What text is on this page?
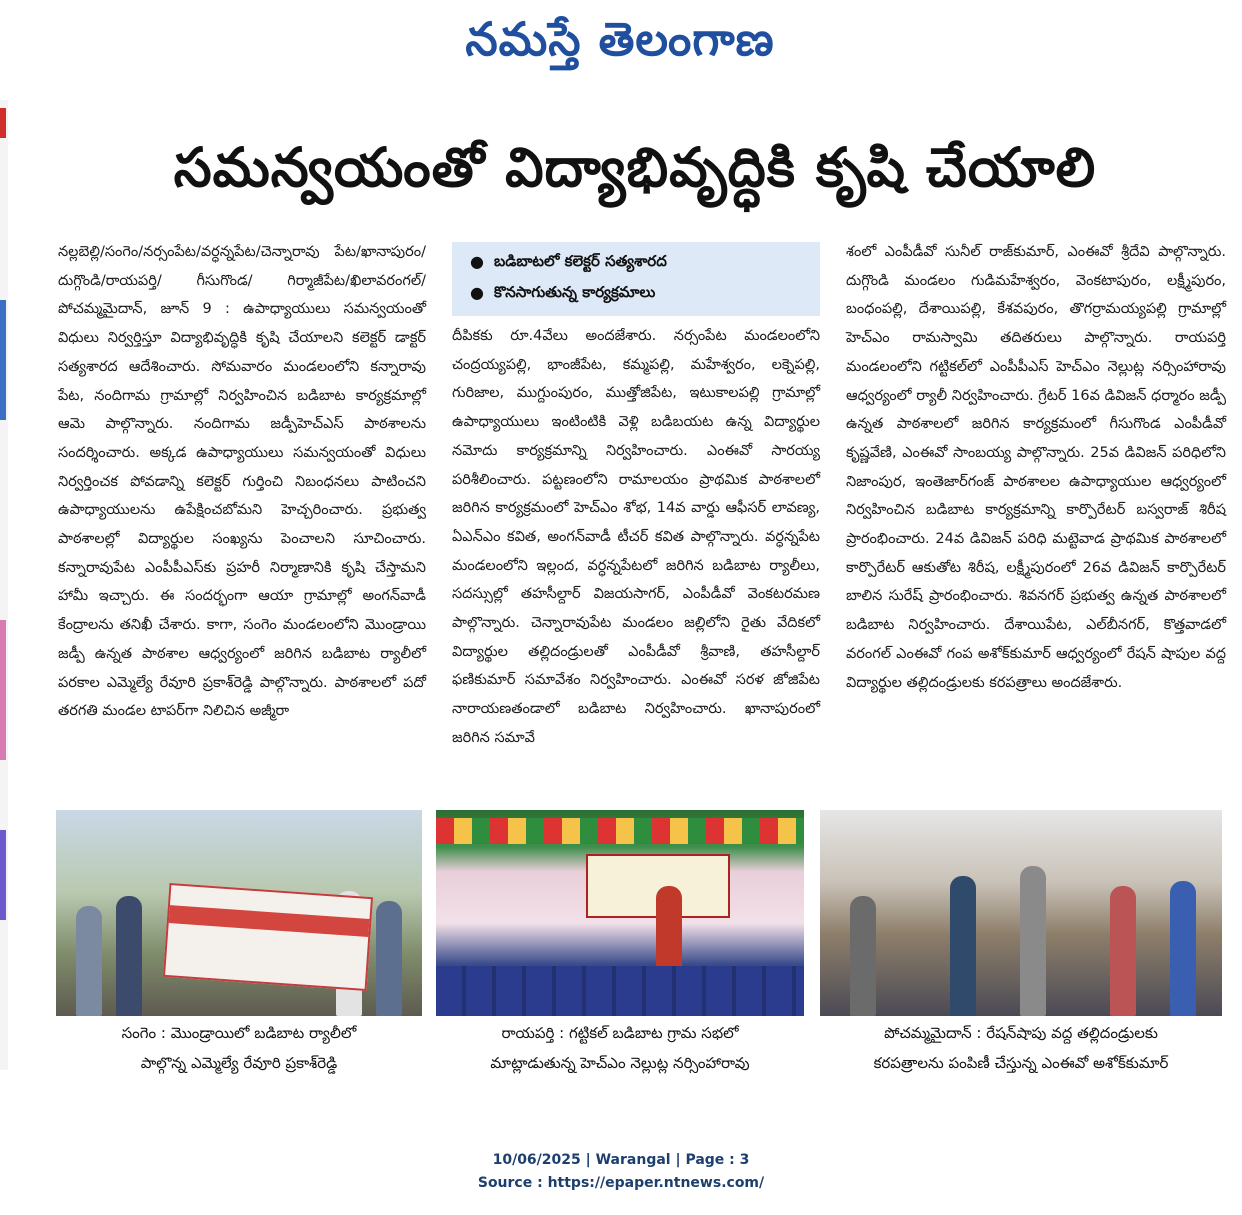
నమస్తే తెలంగాణ
సమన్వయంతో విద్యాభివృద్ధికి కృషి చేయాలి
నల్లబెల్లి/సంగెం/నర్సంపేట/వర్ధన్నపేట/చెన్నారావు పేట/ఖానాపురం/దుగ్గొండి/రాయపర్తి/ గీసుగొండ/ గిర్మాజీపేట/ఖిలావరంగల్/పోచమ్మమైదాన్, జూన్ 9 : ఉపాధ్యాయులు సమన్వయంతో విధులు నిర్వర్తిస్తూ విద్యాభివృద్ధికి కృషి చేయాలని కలెక్టర్ డాక్టర్ సత్యశారద ఆదేశించారు. సోమవారం మండలంలోని కన్నారావు పేట, నందిగామ గ్రామాల్లో నిర్వహించిన బడిబాట కార్యక్రమాల్లో ఆమె పాల్గొన్నారు. నందిగామ జడ్పీహెచ్ఎస్ పాఠశాలను సందర్శించారు. అక్కడ ఉపాధ్యాయులు సమన్వయంతో విధులు నిర్వర్తించక పోవడాన్ని కలెక్టర్ గుర్తించి నిబంధనలు పాటించని ఉపాధ్యాయులను ఉపేక్షించబోమని హెచ్చరించారు. ప్రభుత్వ పాఠశాలల్లో విద్యార్థుల సంఖ్యను పెంచాలని సూచించారు. కన్నారావుపేట ఎంపీపీఎస్‌కు ప్రహరీ నిర్మాణానికి కృషి చేస్తామని హామీ ఇచ్చారు. ఈ సందర్భంగా ఆయా గ్రామాల్లో అంగన్‌వాడీ కేంద్రాలను తనిఖీ చేశారు. కాగా, సంగెం మండలంలోని మొండ్రాయి జడ్పీ ఉన్నత పాఠశాల ఆధ్వర్యంలో జరిగిన బడిబాట ర్యాలీలో పరకాల ఎమ్మెల్యే రేవూరి ప్రకాశ్‌రెడ్డి పాల్గొన్నారు. పాఠశాలలో పదో తరగతి మండల టాపర్‌గా నిలిచిన అజ్మీరా
● బడిబాటలో కలెక్టర్ సత్యశారద
● కొనసాగుతున్న కార్యక్రమాలు
దీపికకు రూ.4వేలు అందజేశారు. నర్సంపేట మండలంలోని చంద్రయ్యపల్లి, భాంజీపేట, కమ్మపల్లి, మహేశ్వరం, లక్నెపల్లి, గురిజాల, ముగ్దుంపురం, ముత్తోజిపేట, ఇటుకాలపల్లి గ్రామాల్లో ఉపాధ్యాయులు ఇంటింటికి వెళ్లి బడిబయట ఉన్న విద్యార్థుల నమోదు కార్యక్రమాన్ని నిర్వహించారు. ఎంఈవో సారయ్య పరిశీలించారు. పట్టణంలోని రామాలయం ప్రాథమిక పాఠశాలలో జరిగిన కార్యక్రమంలో హెచ్ఎం శోభ, 14వ వార్డు ఆఫీసర్ లావణ్య, ఏఎన్ఎం కవిత, అంగన్‌వాడీ టీచర్ కవిత పాల్గొన్నారు. వర్ధన్నపేట మండలంలోని ఇల్లంద, వర్ధన్నపేటలో జరిగిన బడిబాట ర్యాలీలు, సదస్సుల్లో తహసీల్దార్ విజయసాగర్, ఎంపీడీవో వెంకటరమణ పాల్గొన్నారు. చెన్నారావుపేట మండలం జల్లిలోని రైతు వేదికలో విద్యార్థుల తల్లిదండ్రులతో ఎంపీడీవో శ్రీవాణి, తహసీల్దార్ ఫణికుమార్ సమావేశం నిర్వహించారు. ఎంఈవో సరళ జోజిపేట నారాయణతండాలో బడిబాట నిర్వహించారు. ఖానాపురంలో జరిగిన సమావే
శంలో ఎంపీడీవో సునీల్ రాజ్‌కుమార్, ఎంఈవో శ్రీదేవి పాల్గొన్నారు. దుగ్గొండి మండలం గుడిమహేశ్వరం, వెంకటాపురం, లక్ష్మీపురం, బంధంపల్లి, దేశాయిపల్లి, కేశవపురం, తొగర్రామయ్యపల్లి గ్రామాల్లో హెచ్ఎం రామస్వామి తదితరులు పాల్గొన్నారు. రాయపర్తి మండలంలోని గట్టికల్‌లో ఎంపీపీఎస్ హెచ్ఎం నెల్లుట్ల నర్సింహారావు ఆధ్వర్యంలో ర్యాలీ నిర్వహించారు. గ్రేటర్ 16వ డివిజన్ ధర్మారం జడ్పీ ఉన్నత పాఠశాలలో జరిగిన కార్యక్రమంలో గీసుగొండ ఎంపీడీవో కృష్ణవేణి, ఎంఈవో సాంబయ్య పాల్గొన్నారు. 25వ డివిజన్ పరిధిలోని నిజాంపుర, ఇంతెజార్‌గంజ్ పాఠశాలల ఉపాధ్యాయుల ఆధ్వర్యంలో నిర్వహించిన బడిబాట కార్యక్రమాన్ని కార్పొరేటర్ బస్వరాజ్ శిరీష ప్రారంభించారు. 24వ డివిజన్ పరిధి మట్టెవాడ ప్రాథమిక పాఠశాలలో కార్పొరేటర్ ఆకుతోట శిరీష, లక్ష్మీపురంలో 26వ డివిజన్ కార్పొరేటర్ బాలిన సురేష్ ప్రారంభించారు. శివనగర్ ప్రభుత్వ ఉన్నత పాఠశాలలో బడిబాట నిర్వహించారు. దేశాయిపేట, ఎల్‌బీనగర్, కొత్తవాడలో వరంగల్ ఎంఈవో గంప అశోక్‌కుమార్ ఆధ్వర్యంలో రేషన్ షాపుల వద్ద విద్యార్థుల తల్లిదండ్రులకు కరపత్రాలు అందజేశారు.
సంగెం : మొండ్రాయిలో బడిబాట ర్యాలీలో
పాల్గొన్న ఎమ్మెల్యే రేవూరి ప్రకాశ్‌రెడ్డి
రాయపర్తి : గట్టికల్ బడిబాట గ్రామ సభలో
మాట్లాడుతున్న హెచ్ఎం నెల్లుట్ల నర్సింహారావు
పోచమ్మమైదాన్ : రేషన్‌షాపు వద్ద తల్లిదండ్రులకు
కరపత్రాలను పంపిణీ చేస్తున్న ఎంఈవో అశోక్‌కుమార్
10/06/2025 | Warangal | Page : 3
Source : https://epaper.ntnews.com/
